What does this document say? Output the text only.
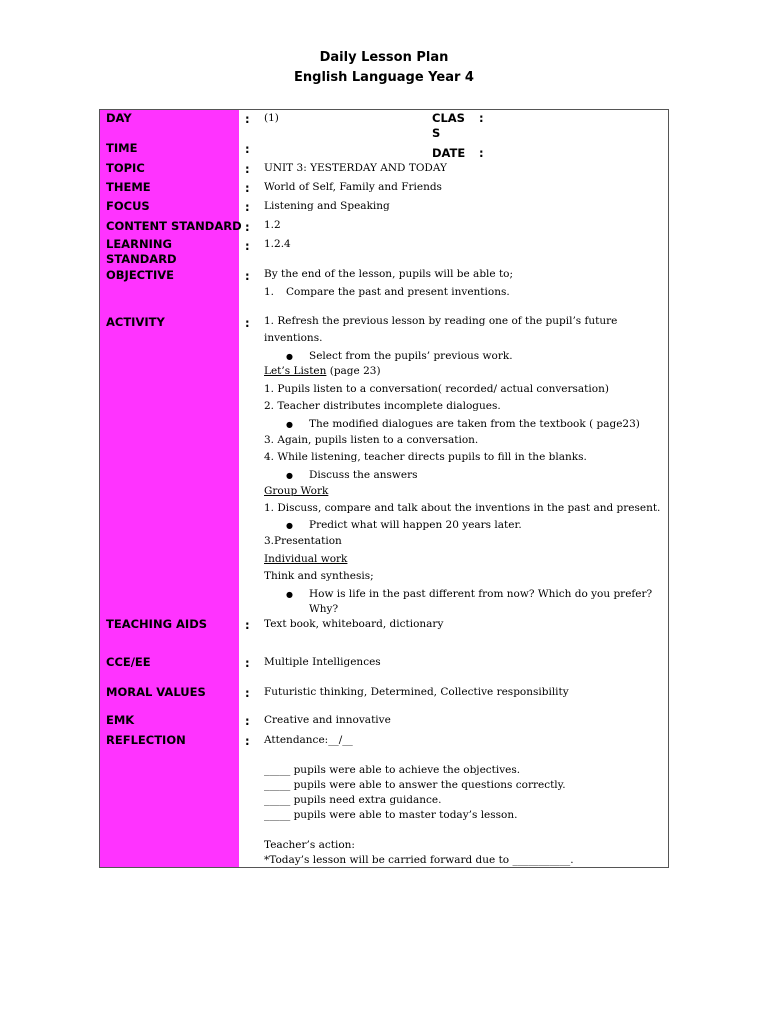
Daily Lesson Plan
English Language Year 4
DAY
TIME
TOPIC
THEME
FOCUS
CONTENT STANDARD
LEARNING
STANDARD
OBJECTIVE
ACTIVITY
TEACHING AIDS
CCE/EE
MORAL VALUES
EMK
REFLECTION
:
:
:
:
:
:
:
:
:
:
:
:
:
:
(1)	CLAS
S
:
DATE :
UNIT 3: YESTERDAY AND TODAY
World of Self, Family and Friends
Listening and Speaking
1.2
1.2.4
By the end of the lesson, pupils will be able to;
1. Compare the past and present inventions.
1. Refresh the previous lesson by reading one of the pupil’s future
inventions.
● Select from the pupils’ previous work.
Let’s Listen (page 23)
1. Pupils listen to a conversation( recorded/ actual conversation)
2. Teacher distributes incomplete dialogues.
● The modified dialogues are taken from the textbook ( page23)
3. Again, pupils listen to a conversation.
4. While listening, teacher directs pupils to fill in the blanks.
● Discuss the answers
Group Work
1. Discuss, compare and talk about the inventions in the past and present.
● Predict what will happen 20 years later.
3.Presentation
Individual work
Think and synthesis;
● How is life in the past different from now? Which do you prefer?
Why?
Text book, whiteboard, dictionary
Multiple Intelligences
Futuristic thinking, Determined, Collective responsibility
Creative and innovative
Attendance:__/__
_____ pupils were able to achieve the objectives.
_____ pupils were able to answer the questions correctly.
_____ pupils need extra guidance.
_____ pupils were able to master today’s lesson.
Teacher’s action:
*Today’s lesson will be carried forward due to ___________.
